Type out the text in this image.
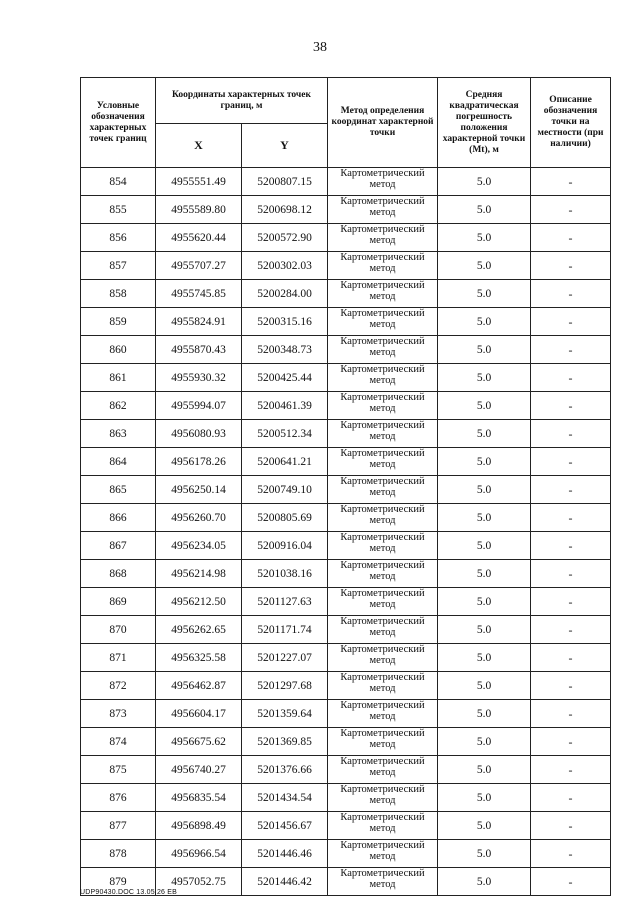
38
Условные обозначения характерных точек границ	Координаты характерных точек границ, м		Метод определения координат характерной точки	Средняя квадратическая погрешность положения характерной точки (Mt), м	Описание обозначения точки на местности (при наличии)
	X	Y			
854	4955551.49	5200807.15	Картометрический метод	5.0	-
855	4955589.80	5200698.12	Картометрический метод	5.0	-
856	4955620.44	5200572.90	Картометрический метод	5.0	-
857	4955707.27	5200302.03	Картометрический метод	5.0	-
858	4955745.85	5200284.00	Картометрический метод	5.0	-
859	4955824.91	5200315.16	Картометрический метод	5.0	-
860	4955870.43	5200348.73	Картометрический метод	5.0	-
861	4955930.32	5200425.44	Картометрический метод	5.0	-
862	4955994.07	5200461.39	Картометрический метод	5.0	-
863	4956080.93	5200512.34	Картометрический метод	5.0	-
864	4956178.26	5200641.21	Картометрический метод	5.0	-
865	4956250.14	5200749.10	Картометрический метод	5.0	-
866	4956260.70	5200805.69	Картометрический метод	5.0	-
867	4956234.05	5200916.04	Картометрический метод	5.0	-
868	4956214.98	5201038.16	Картометрический метод	5.0	-
869	4956212.50	5201127.63	Картометрический метод	5.0	-
870	4956262.65	5201171.74	Картометрический метод	5.0	-
871	4956325.58	5201227.07	Картометрический метод	5.0	-
872	4956462.87	5201297.68	Картометрический метод	5.0	-
873	4956604.17	5201359.64	Картометрический метод	5.0	-
874	4956675.62	5201369.85	Картометрический метод	5.0	-
875	4956740.27	5201376.66	Картометрический метод	5.0	-
876	4956835.54	5201434.54	Картометрический метод	5.0	-
877	4956898.49	5201456.67	Картометрический метод	5.0	-
878	4956966.54	5201446.46	Картометрический метод	5.0	-
879	4957052.75	5201446.42	Картометрический метод	5.0	-
UDP90430.DOC 13.05.26 ЕВ
